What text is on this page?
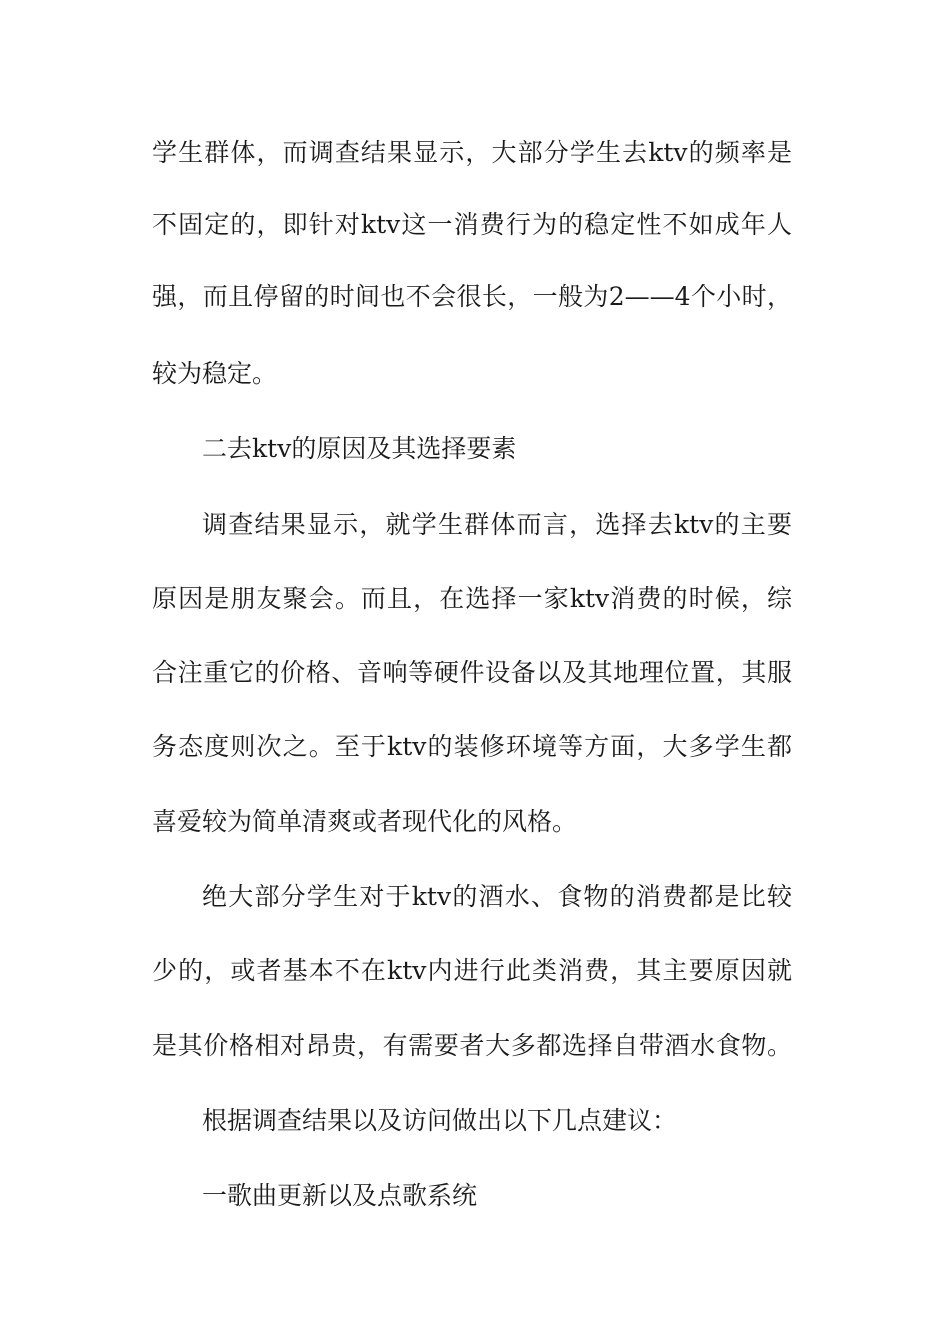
学生群体，而调查结果显示，大部分学生去ktv的频率是
不固定的，即针对ktv这一消费行为的稳定性不如成年人
强，而且停留的时间也不会很长，一般为2——4个小时，
较为稳定。
二去ktv的原因及其选择要素
调查结果显示，就学生群体而言，选择去ktv的主要
原因是朋友聚会。而且，在选择一家ktv消费的时候，综
合注重它的价格、音响等硬件设备以及其地理位置，其服
务态度则次之。至于ktv的装修环境等方面，大多学生都
喜爱较为简单清爽或者现代化的风格。
绝大部分学生对于ktv的酒水、食物的消费都是比较
少的，或者基本不在ktv内进行此类消费，其主要原因就
是其价格相对昂贵，有需要者大多都选择自带酒水食物。
根据调查结果以及访问做出以下几点建议：
一歌曲更新以及点歌系统
